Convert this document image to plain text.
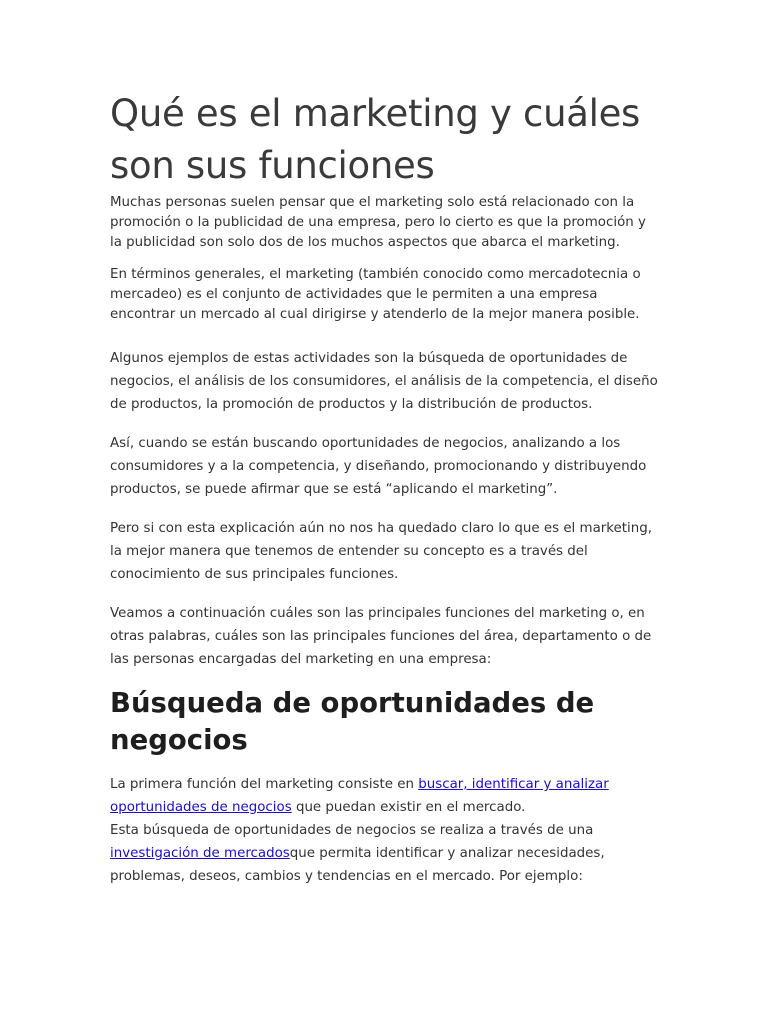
Qué es el marketing y cuáles son sus funciones

Muchas personas suelen pensar que el marketing solo está relacionado con la promoción o la publicidad de una empresa, pero lo cierto es que la promoción y la publicidad son solo dos de los muchos aspectos que abarca el marketing.

En términos generales, el marketing (también conocido como mercadotecnia o mercadeo) es el conjunto de actividades que le permiten a una empresa encontrar un mercado al cual dirigirse y atenderlo de la mejor manera posible.

Algunos ejemplos de estas actividades son la búsqueda de oportunidades de negocios, el análisis de los consumidores, el análisis de la competencia, el diseño de productos, la promoción de productos y la distribución de productos.

Así, cuando se están buscando oportunidades de negocios, analizando a los consumidores y a la competencia, y diseñando, promocionando y distribuyendo productos, se puede afirmar que se está “aplicando el marketing”.

Pero si con esta explicación aún no nos ha quedado claro lo que es el marketing, la mejor manera que tenemos de entender su concepto es a través del conocimiento de sus principales funciones.

Veamos a continuación cuáles son las principales funciones del marketing o, en otras palabras, cuáles son las principales funciones del área, departamento o de las personas encargadas del marketing en una empresa:

Búsqueda de oportunidades de negocios

La primera función del marketing consiste en buscar, identificar y analizar oportunidades de negocios que puedan existir en el mercado.
Esta búsqueda de oportunidades de negocios se realiza a través de una investigación de mercadosque permita identificar y analizar necesidades, problemas, deseos, cambios y tendencias en el mercado. Por ejemplo:
